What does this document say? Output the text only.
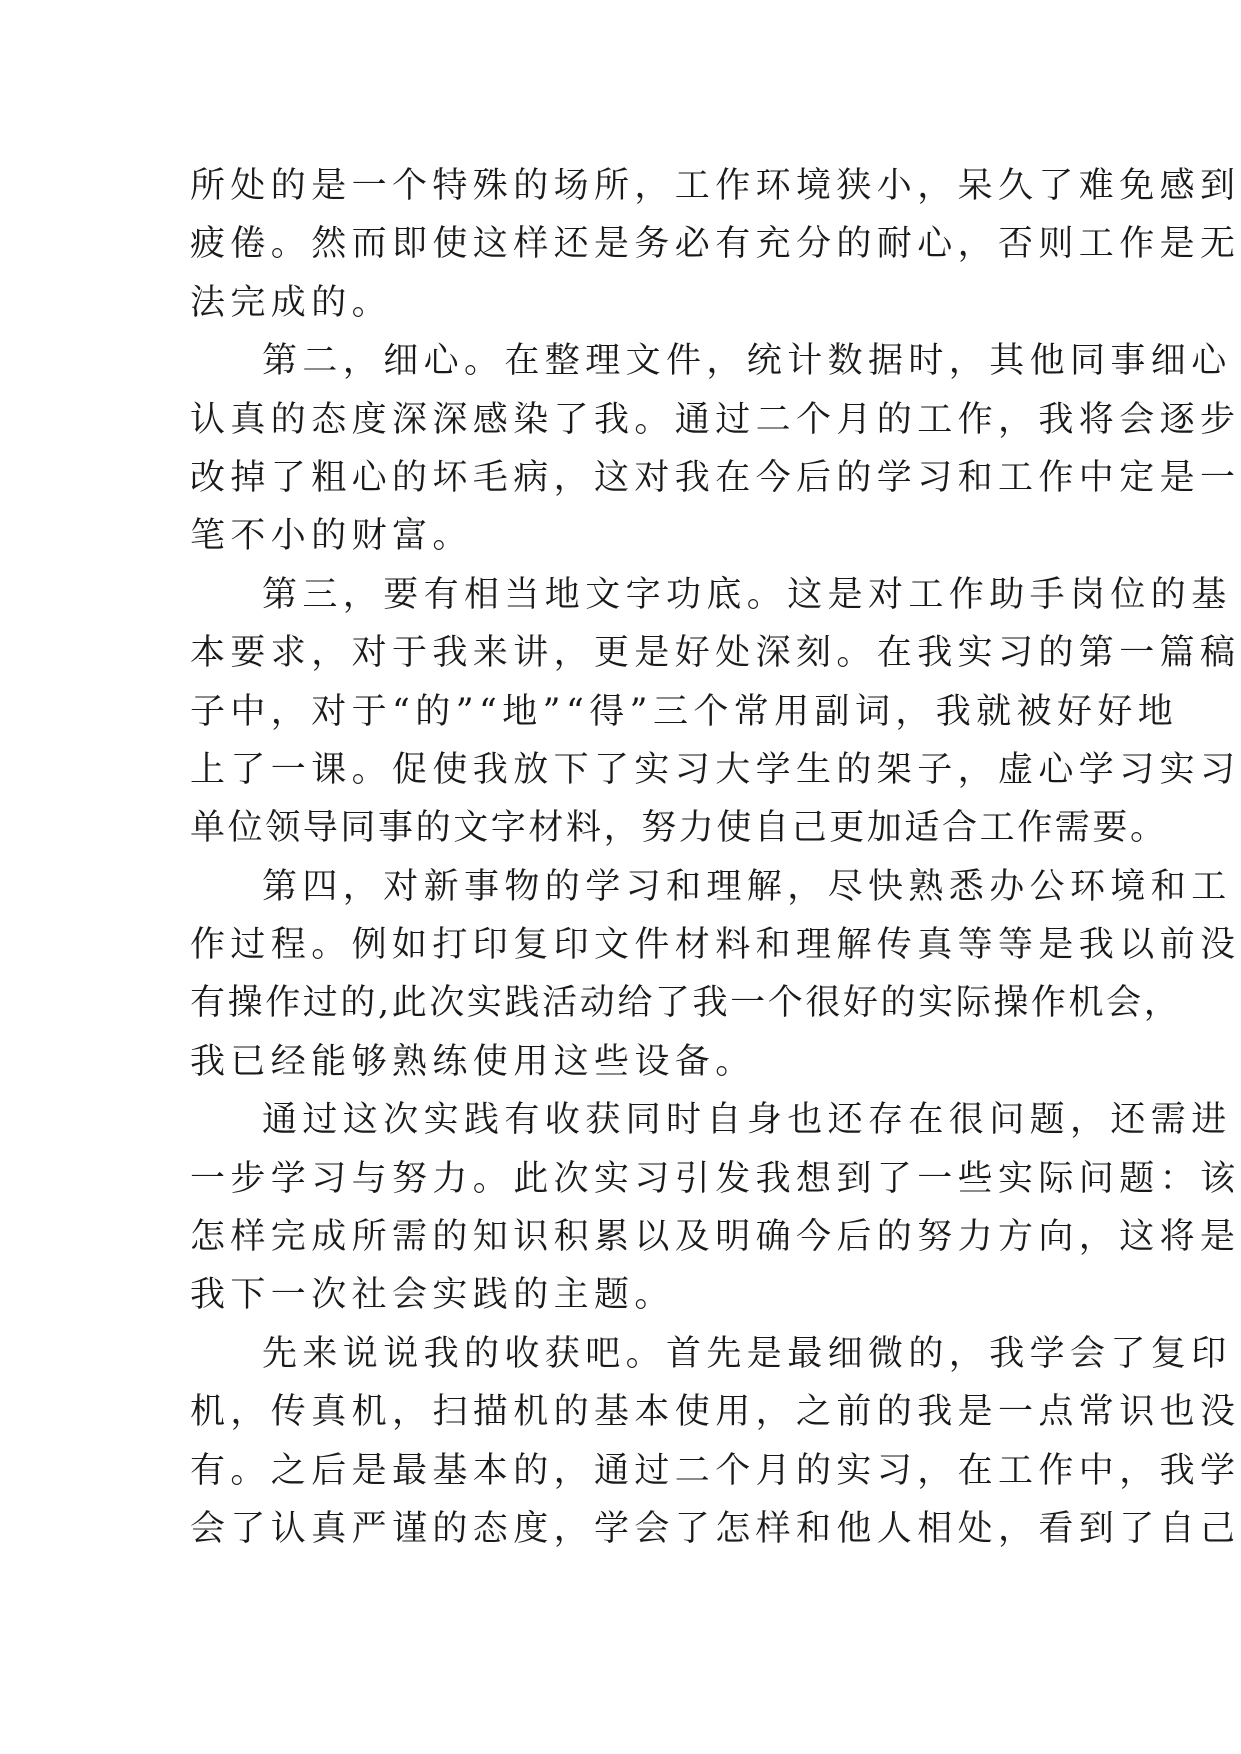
所处的是一个特殊的场所，工作环境狭小，呆久了难免感到
疲倦。然而即使这样还是务必有充分的耐心，否则工作是无
法完成的。
第二，细心。在整理文件，统计数据时，其他同事细心
认真的态度深深感染了我。通过二个月的工作，我将会逐步
改掉了粗心的坏毛病，这对我在今后的学习和工作中定是一
笔不小的财富。
第三，要有相当地文字功底。这是对工作助手岗位的基
本要求，对于我来讲，更是好处深刻。在我实习的第一篇稿
子中，对于“的”“地”“得”三个常用副词，我就被好好地
上了一课。促使我放下了实习大学生的架子，虚心学习实习
单位领导同事的文字材料，努力使自己更加适合工作需要。
第四，对新事物的学习和理解，尽快熟悉办公环境和工
作过程。例如打印复印文件材料和理解传真等等是我以前没
有操作过的,此次实践活动给了我一个很好的实际操作机会，
我已经能够熟练使用这些设备。
通过这次实践有收获同时自身也还存在很问题，还需进
一步学习与努力。此次实习引发我想到了一些实际问题：该
怎样完成所需的知识积累以及明确今后的努力方向，这将是
我下一次社会实践的主题。
先来说说我的收获吧。首先是最细微的，我学会了复印
机，传真机，扫描机的基本使用，之前的我是一点常识也没
有。之后是最基本的，通过二个月的实习，在工作中，我学
会了认真严谨的态度，学会了怎样和他人相处，看到了自己
